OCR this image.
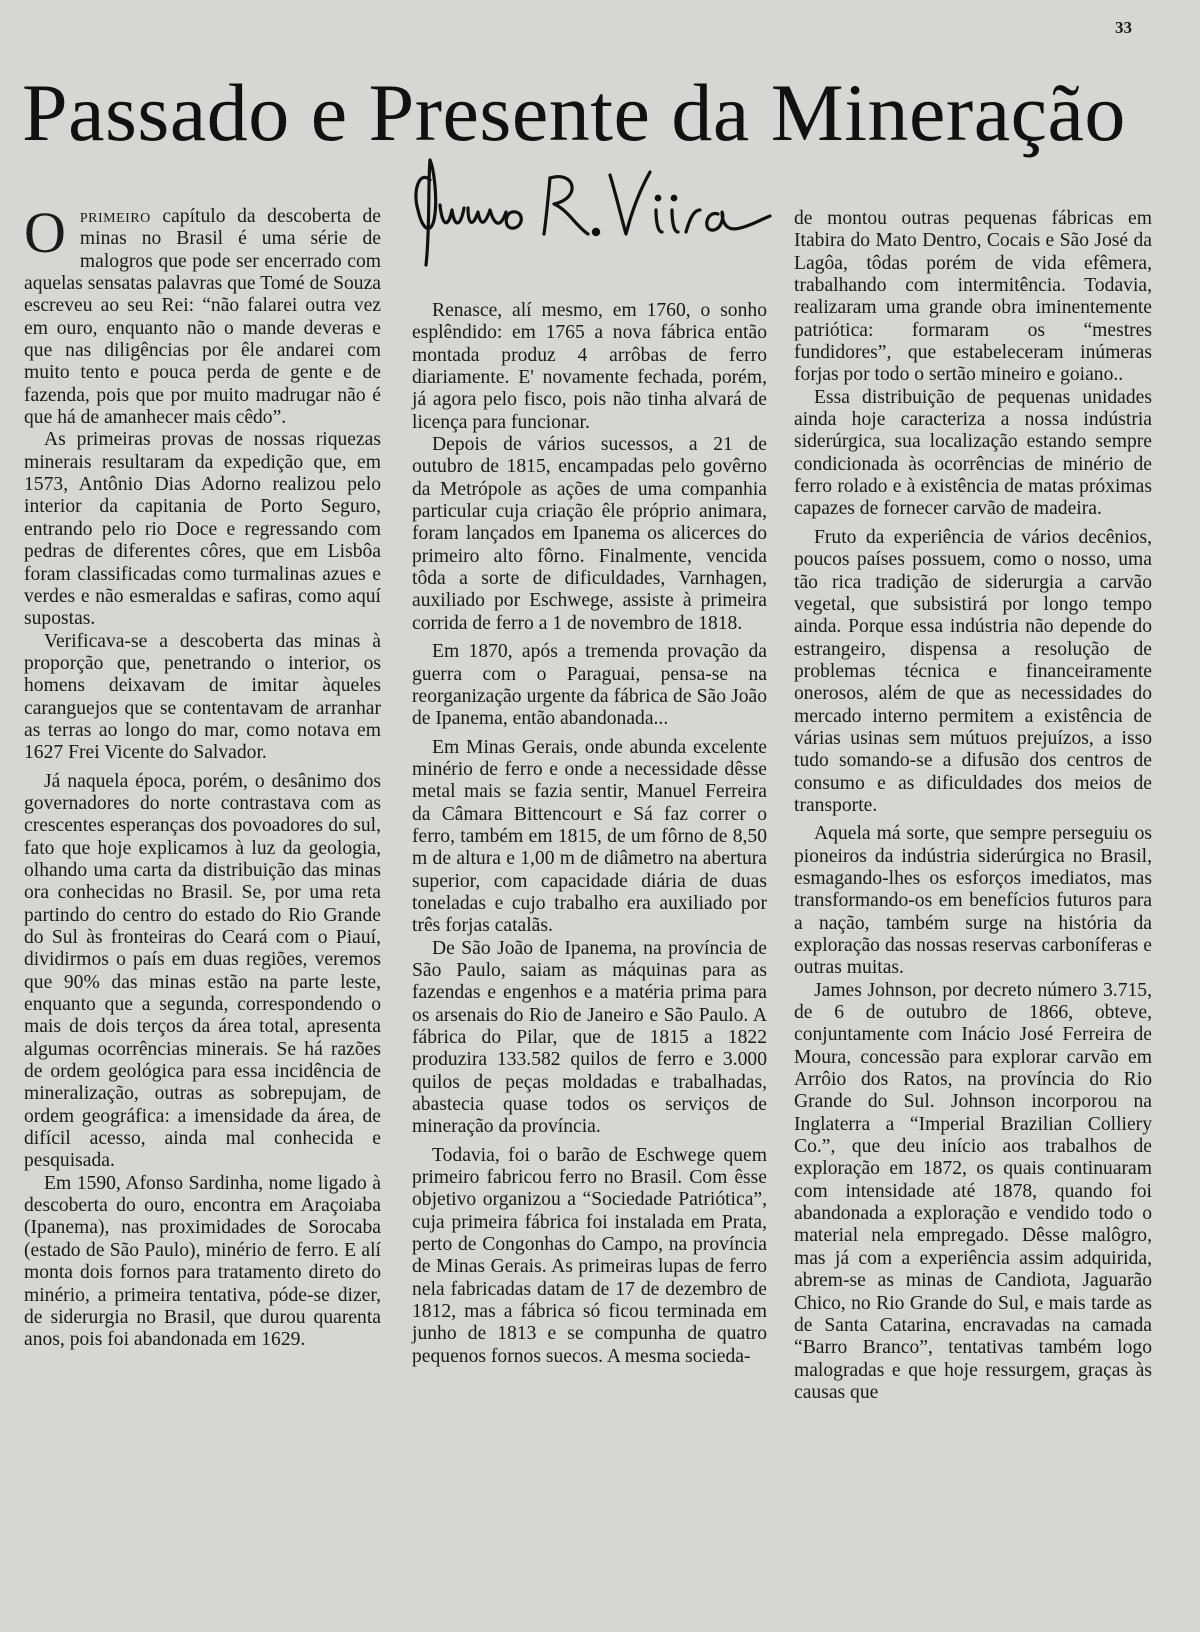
33
Passado e Presente da Mineração

Oprimeiro capítulo da descoberta de minas no Brasil é uma série de malogros que pode ser encerrado com aquelas sensatas palavras que Tomé de Souza escreveu ao seu Rei: “não falarei outra vez em ouro, enquanto não o mande deveras e que nas diligências por êle andarei com muito tento e pouca perda de gente e de fazenda, pois que por muito madrugar não é que há de amanhecer mais cêdo”.

As primeiras provas de nossas riquezas minerais resultaram da expedição que, em 1573, Antônio Dias Adorno realizou pelo interior da capitania de Porto Seguro, entrando pelo rio Doce e regressando com pedras de diferentes côres, que em Lisbôa foram classificadas como turmalinas azues e verdes e não esmeraldas e safiras, como aquí supostas.

Verificava-se a descoberta das minas à proporção que, penetrando o interior, os homens deixavam de imitar àqueles caranguejos que se contentavam de arranhar as terras ao longo do mar, como notava em 1627 Frei Vicente do Salvador.

Já naquela época, porém, o desânimo dos governadores do norte contrastava com as crescentes esperanças dos povoadores do sul, fato que hoje explicamos à luz da geologia, olhando uma carta da distribuição das minas ora conhecidas no Brasil. Se, por uma reta partindo do centro do estado do Rio Grande do Sul às fronteiras do Ceará com o Piauí, dividirmos o país em duas regiões, veremos que 90% das minas estão na parte leste, enquanto que a segunda, correspondendo o mais de dois terços da área total, apresenta algumas ocorrências minerais. Se há razões de ordem geológica para essa incidência de mineralização, outras as sobrepujam, de ordem geográfica: a imensidade da área, de difícil acesso, ainda mal conhecida e pesquisada.

Em 1590, Afonso Sardinha, nome ligado à descoberta do ouro, encontra em Araçoiaba (Ipanema), nas proximidades de Sorocaba (estado de São Paulo), minério de ferro. E alí monta dois fornos para tratamento direto do minério, a primeira tentativa, póde-se dizer, de siderurgia no Brasil, que durou quarenta anos, pois foi abandonada em 1629.

Renasce, alí mesmo, em 1760, o sonho esplêndido: em 1765 a nova fábrica então montada produz 4 arrôbas de ferro diariamente. E' novamente fechada, porém, já agora pelo fisco, pois não tinha alvará de licença para funcionar.

Depois de vários sucessos, a 21 de outubro de 1815, encampadas pelo govêrno da Metrópole as ações de uma companhia particular cuja criação êle próprio animara, foram lançados em Ipanema os alicerces do primeiro alto fôrno. Finalmente, vencida tôda a sorte de dificuldades, Varnhagen, auxiliado por Eschwege, assiste à primeira corrida de ferro a 1 de novembro de 1818.

Em 1870, após a tremenda provação da guerra com o Paraguai, pensa-se na reorganização urgente da fábrica de São João de Ipanema, então abandonada...

Em Minas Gerais, onde abunda excelente minério de ferro e onde a necessidade dêsse metal mais se fazia sentir, Manuel Ferreira da Câmara Bittencourt e Sá faz correr o ferro, também em 1815, de um fôrno de 8,50 m de altura e 1,00 m de diâmetro na abertura superior, com capacidade diária de duas toneladas e cujo trabalho era auxiliado por três forjas catalãs.

De São João de Ipanema, na província de São Paulo, saiam as máquinas para as fazendas e engenhos e a matéria prima para os arsenais do Rio de Janeiro e São Paulo. A fábrica do Pilar, que de 1815 a 1822 produzira 133.582 quilos de ferro e 3.000 quilos de peças moldadas e trabalhadas, abastecia quase todos os serviços de mineração da província.

Todavia, foi o barão de Eschwege quem primeiro fabricou ferro no Brasil. Com êsse objetivo organizou a “Sociedade Patriótica”, cuja primeira fábrica foi instalada em Prata, perto de Congonhas do Campo, na província de Minas Gerais. As primeiras lupas de ferro nela fabricadas datam de 17 de dezembro de 1812, mas a fábrica só ficou terminada em junho de 1813 e se compunha de quatro pequenos fornos suecos. A mesma socieda-

de montou outras pequenas fábricas em Itabira do Mato Dentro, Cocais e São José da Lagôa, tôdas porém de vida efêmera, trabalhando com intermitência. Todavia, realizaram uma grande obra iminentemente patriótica: formaram os “mestres fundidores”, que estabeleceram inúmeras forjas por todo o sertão mineiro e goiano..

Essa distribuição de pequenas unidades ainda hoje caracteriza a nossa indústria siderúrgica, sua localização estando sempre condicionada às ocorrências de minério de ferro rolado e à existência de matas próximas capazes de fornecer carvão de madeira.

Fruto da experiência de vários decênios, poucos países possuem, como o nosso, uma tão rica tradição de siderurgia a carvão vegetal, que subsistirá por longo tempo ainda. Porque essa indústria não depende do estrangeiro, dispensa a resolução de problemas técnica e financeiramente onerosos, além de que as necessidades do mercado interno permitem a existência de várias usinas sem mútuos prejuízos, a isso tudo somando-se a difusão dos centros de consumo e as dificuldades dos meios de transporte.

Aquela má sorte, que sempre perseguiu os pioneiros da indústria siderúrgica no Brasil, esmagando-lhes os esforços imediatos, mas transformando-os em benefícios futuros para a nação, também surge na história da exploração das nossas reservas carboníferas e outras muitas.

James Johnson, por decreto número 3.715, de 6 de outubro de 1866, obteve, conjuntamente com Inácio José Ferreira de Moura, concessão para explorar carvão em Arrôio dos Ratos, na província do Rio Grande do Sul. Johnson incorporou na Inglaterra a “Imperial Brazilian Colliery Co.”, que deu início aos trabalhos de exploração em 1872, os quais continuaram com intensidade até 1878, quando foi abandonada a exploração e vendido todo o material nela empregado. Dêsse malôgro, mas já com a experiência assim adquirida, abrem-se as minas de Candiota, Jaguarão Chico, no Rio Grande do Sul, e mais tarde as de Santa Catarina, encravadas na camada “Barro Branco”, tentativas também logo malogradas e que hoje ressurgem, graças às causas que
